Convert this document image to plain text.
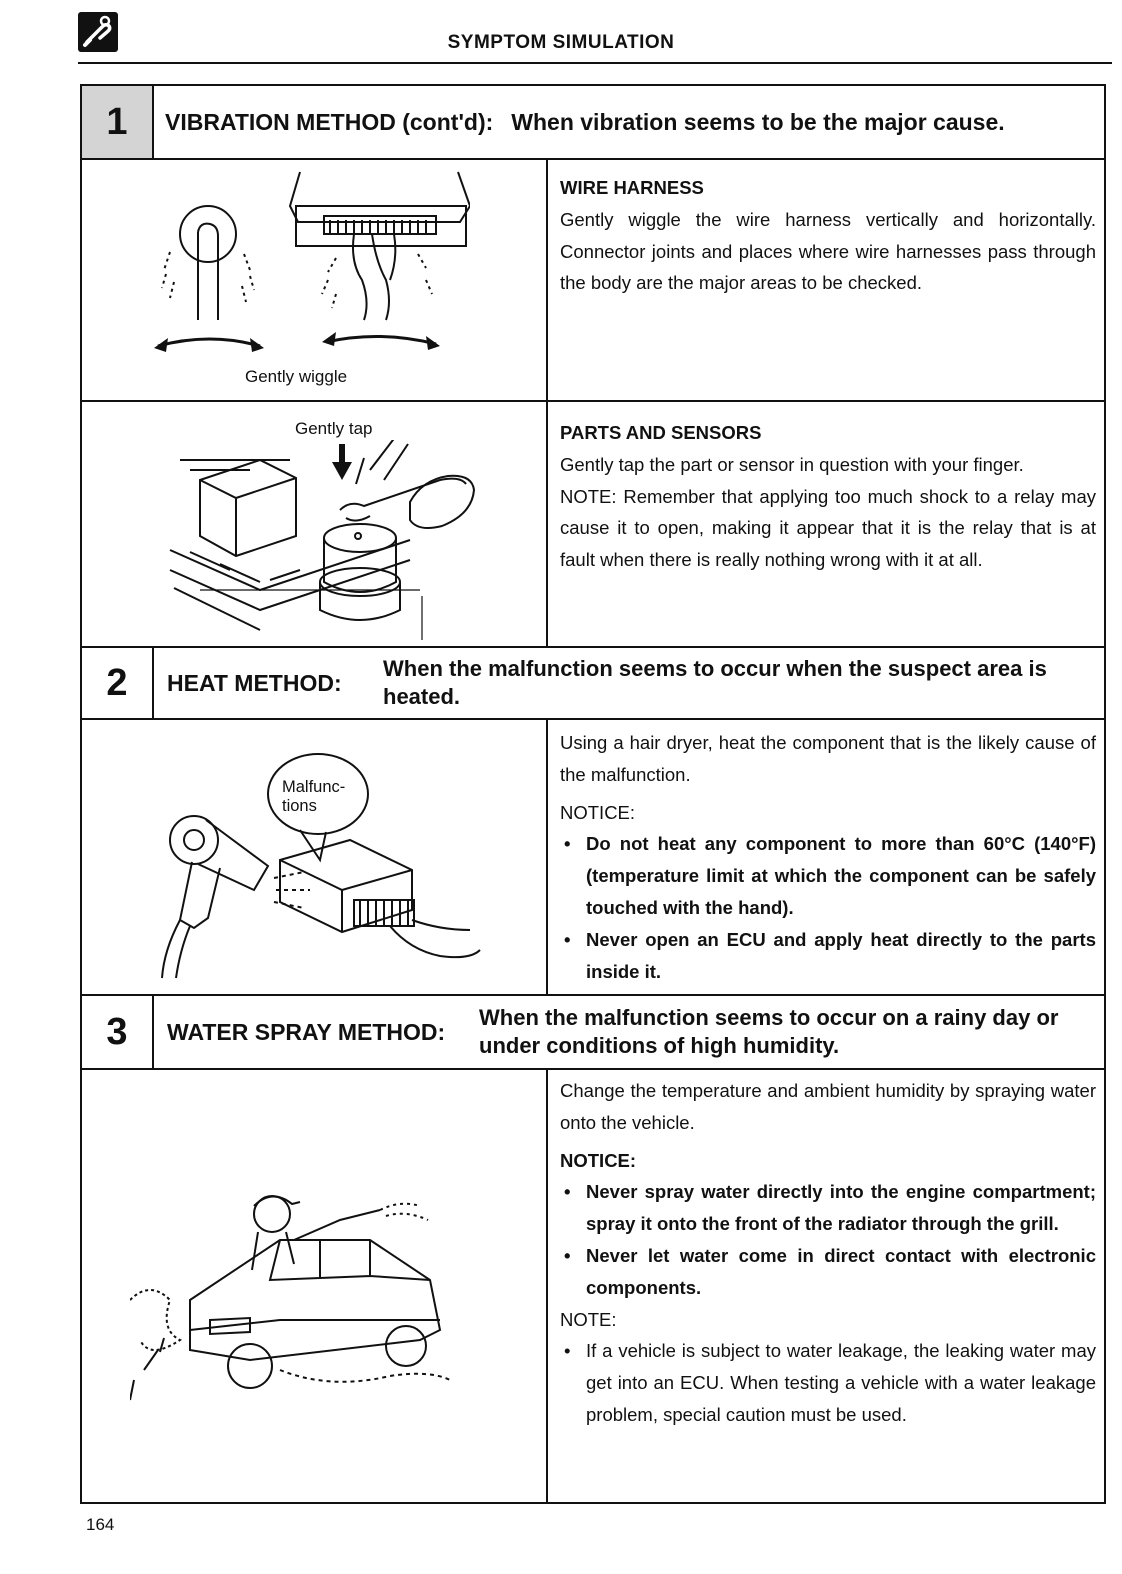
SYMPTOM SIMULATION
1	VIBRATION METHOD (cont'd): When vibration seems to be the major cause.
Gently wiggle

WIRE HARNESS

Gently wiggle the wire harness vertically and horizontally. Connector joints and places where wire harnesses pass through the body are the major areas to be checked.

Gently tap	PARTS AND SENSORS

Gently tap the part or sensor in question with your finger.

NOTE: Remember that applying too much shock to a relay may cause it to open, making it appear that it is the relay that is at fault when there is really nothing wrong with it at all.

2	HEAT METHOD:
When the malfunction seems to occur when the suspect area is heated.
Malfunc-
tions

Using a hair dryer, heat the component that is the likely cause of the malfunction.

NOTICE:

• Do not heat any component to more than 60°C (140°F) (temperature limit at which the component can be safely touched with the hand).
• Never open an ECU and apply heat directly to the parts inside it.
3	WATER SPRAY METHOD:
When the malfunction seems to occur on a rainy day or under conditions of high humidity.

Change the temperature and ambient humidity by spraying water onto the vehicle.

NOTICE:

• Never spray water directly into the engine compartment; spray it onto the front of the radiator through the grill.
• Never let water come in direct contact with electronic components.

NOTE:

• If a vehicle is subject to water leakage, the leaking water may get into an ECU. When testing a vehicle with a water leakage problem, special caution must be used.
164
